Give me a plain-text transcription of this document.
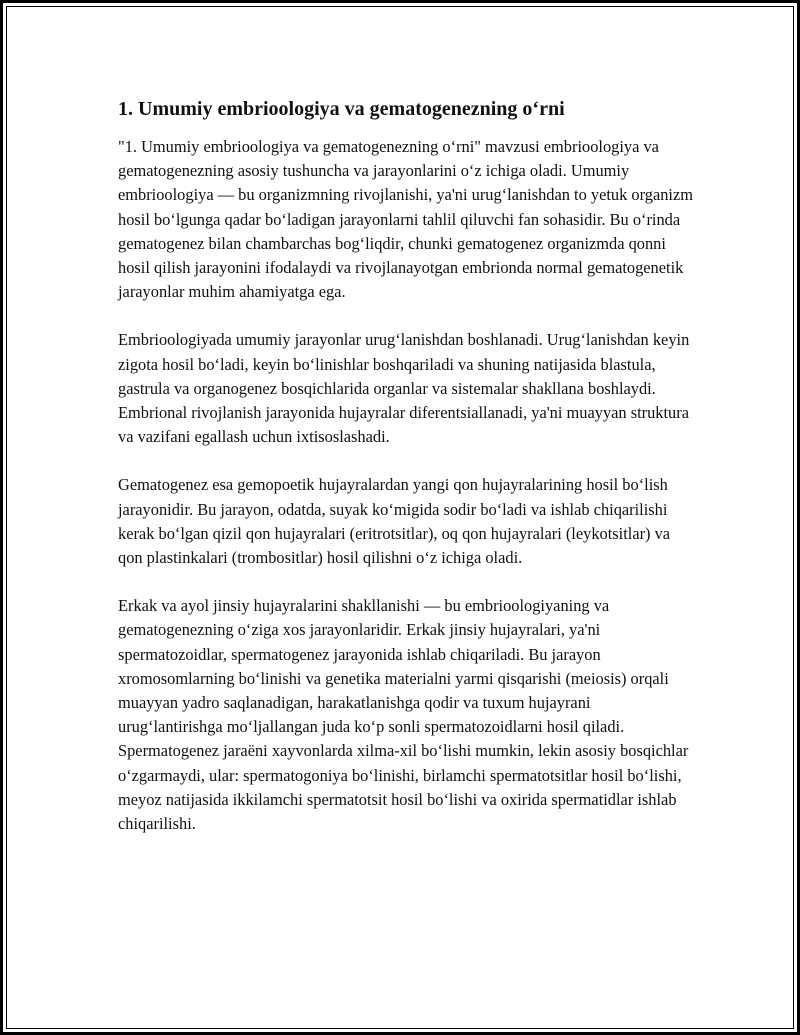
1. Umumiy embrioologiya va gematogenezning o‘rni

"1. Umumiy embrioologiya va gematogenezning o‘rni" mavzusi embrioologiya va gematogenezning asosiy tushuncha va jarayonlarini o‘z ichiga oladi. Umumiy embrioologiya — bu organizmning rivojlanishi, ya'ni urug‘lanishdan to yetuk organizm hosil bo‘lgunga qadar bo‘ladigan jarayonlarni tahlil qiluvchi fan sohasidir. Bu o‘rinda gematogenez bilan chambarchas bog‘liqdir, chunki gematogenez organizmda qonni hosil qilish jarayonini ifodalaydi va rivojlanayotgan embrionda normal gematogenetik jarayonlar muhim ahamiyatga ega.

Embrioologiyada umumiy jarayonlar urug‘lanishdan boshlanadi. Urug‘lanishdan keyin zigota hosil bo‘ladi, keyin bo‘linishlar boshqariladi va shuning natijasida blastula, gastrula va organogenez bosqichlarida organlar va sistemalar shakllana boshlaydi. Embrional rivojlanish jarayonida hujayralar diferentsiallanadi, ya'ni muayyan struktura va vazifani egallash uchun ixtisoslashadi.

Gematogenez esa gemopoetik hujayralardan yangi qon hujayralarining hosil bo‘lish jarayonidir. Bu jarayon, odatda, suyak ko‘migida sodir bo‘ladi va ishlab chiqarilishi kerak bo‘lgan qizil qon hujayralari (eritrotsitlar), oq qon hujayralari (leykotsitlar) va qon plastinkalari (trombositlar) hosil qilishni o‘z ichiga oladi.

Erkak va ayol jinsiy hujayralarini shakllanishi — bu embrioologiyaning va gematogenezning o‘ziga xos jarayonlaridir. Erkak jinsiy hujayralari, ya'ni spermatozoidlar, spermatogenez jarayonida ishlab chiqariladi. Bu jarayon xromosomlarning bo‘linishi va genetika materialni yarmi qisqarishi (meiosis) orqali muayyan yadro saqlanadigan, harakatlanishga qodir va tuxum hujayrani urug‘lantirishga mo‘ljallangan juda ko‘p sonli spermatozoidlarni hosil qiladi. Spermatogenez jaraëni xayvonlarda xilma-xil bo‘lishi mumkin, lekin asosiy bosqichlar o‘zgarmaydi, ular: spermatogoniya bo‘linishi, birlamchi spermatotsitlar hosil bo‘lishi, meyoz natijasida ikkilamchi spermatotsit hosil bo‘lishi va oxirida spermatidlar ishlab chiqarilishi.
